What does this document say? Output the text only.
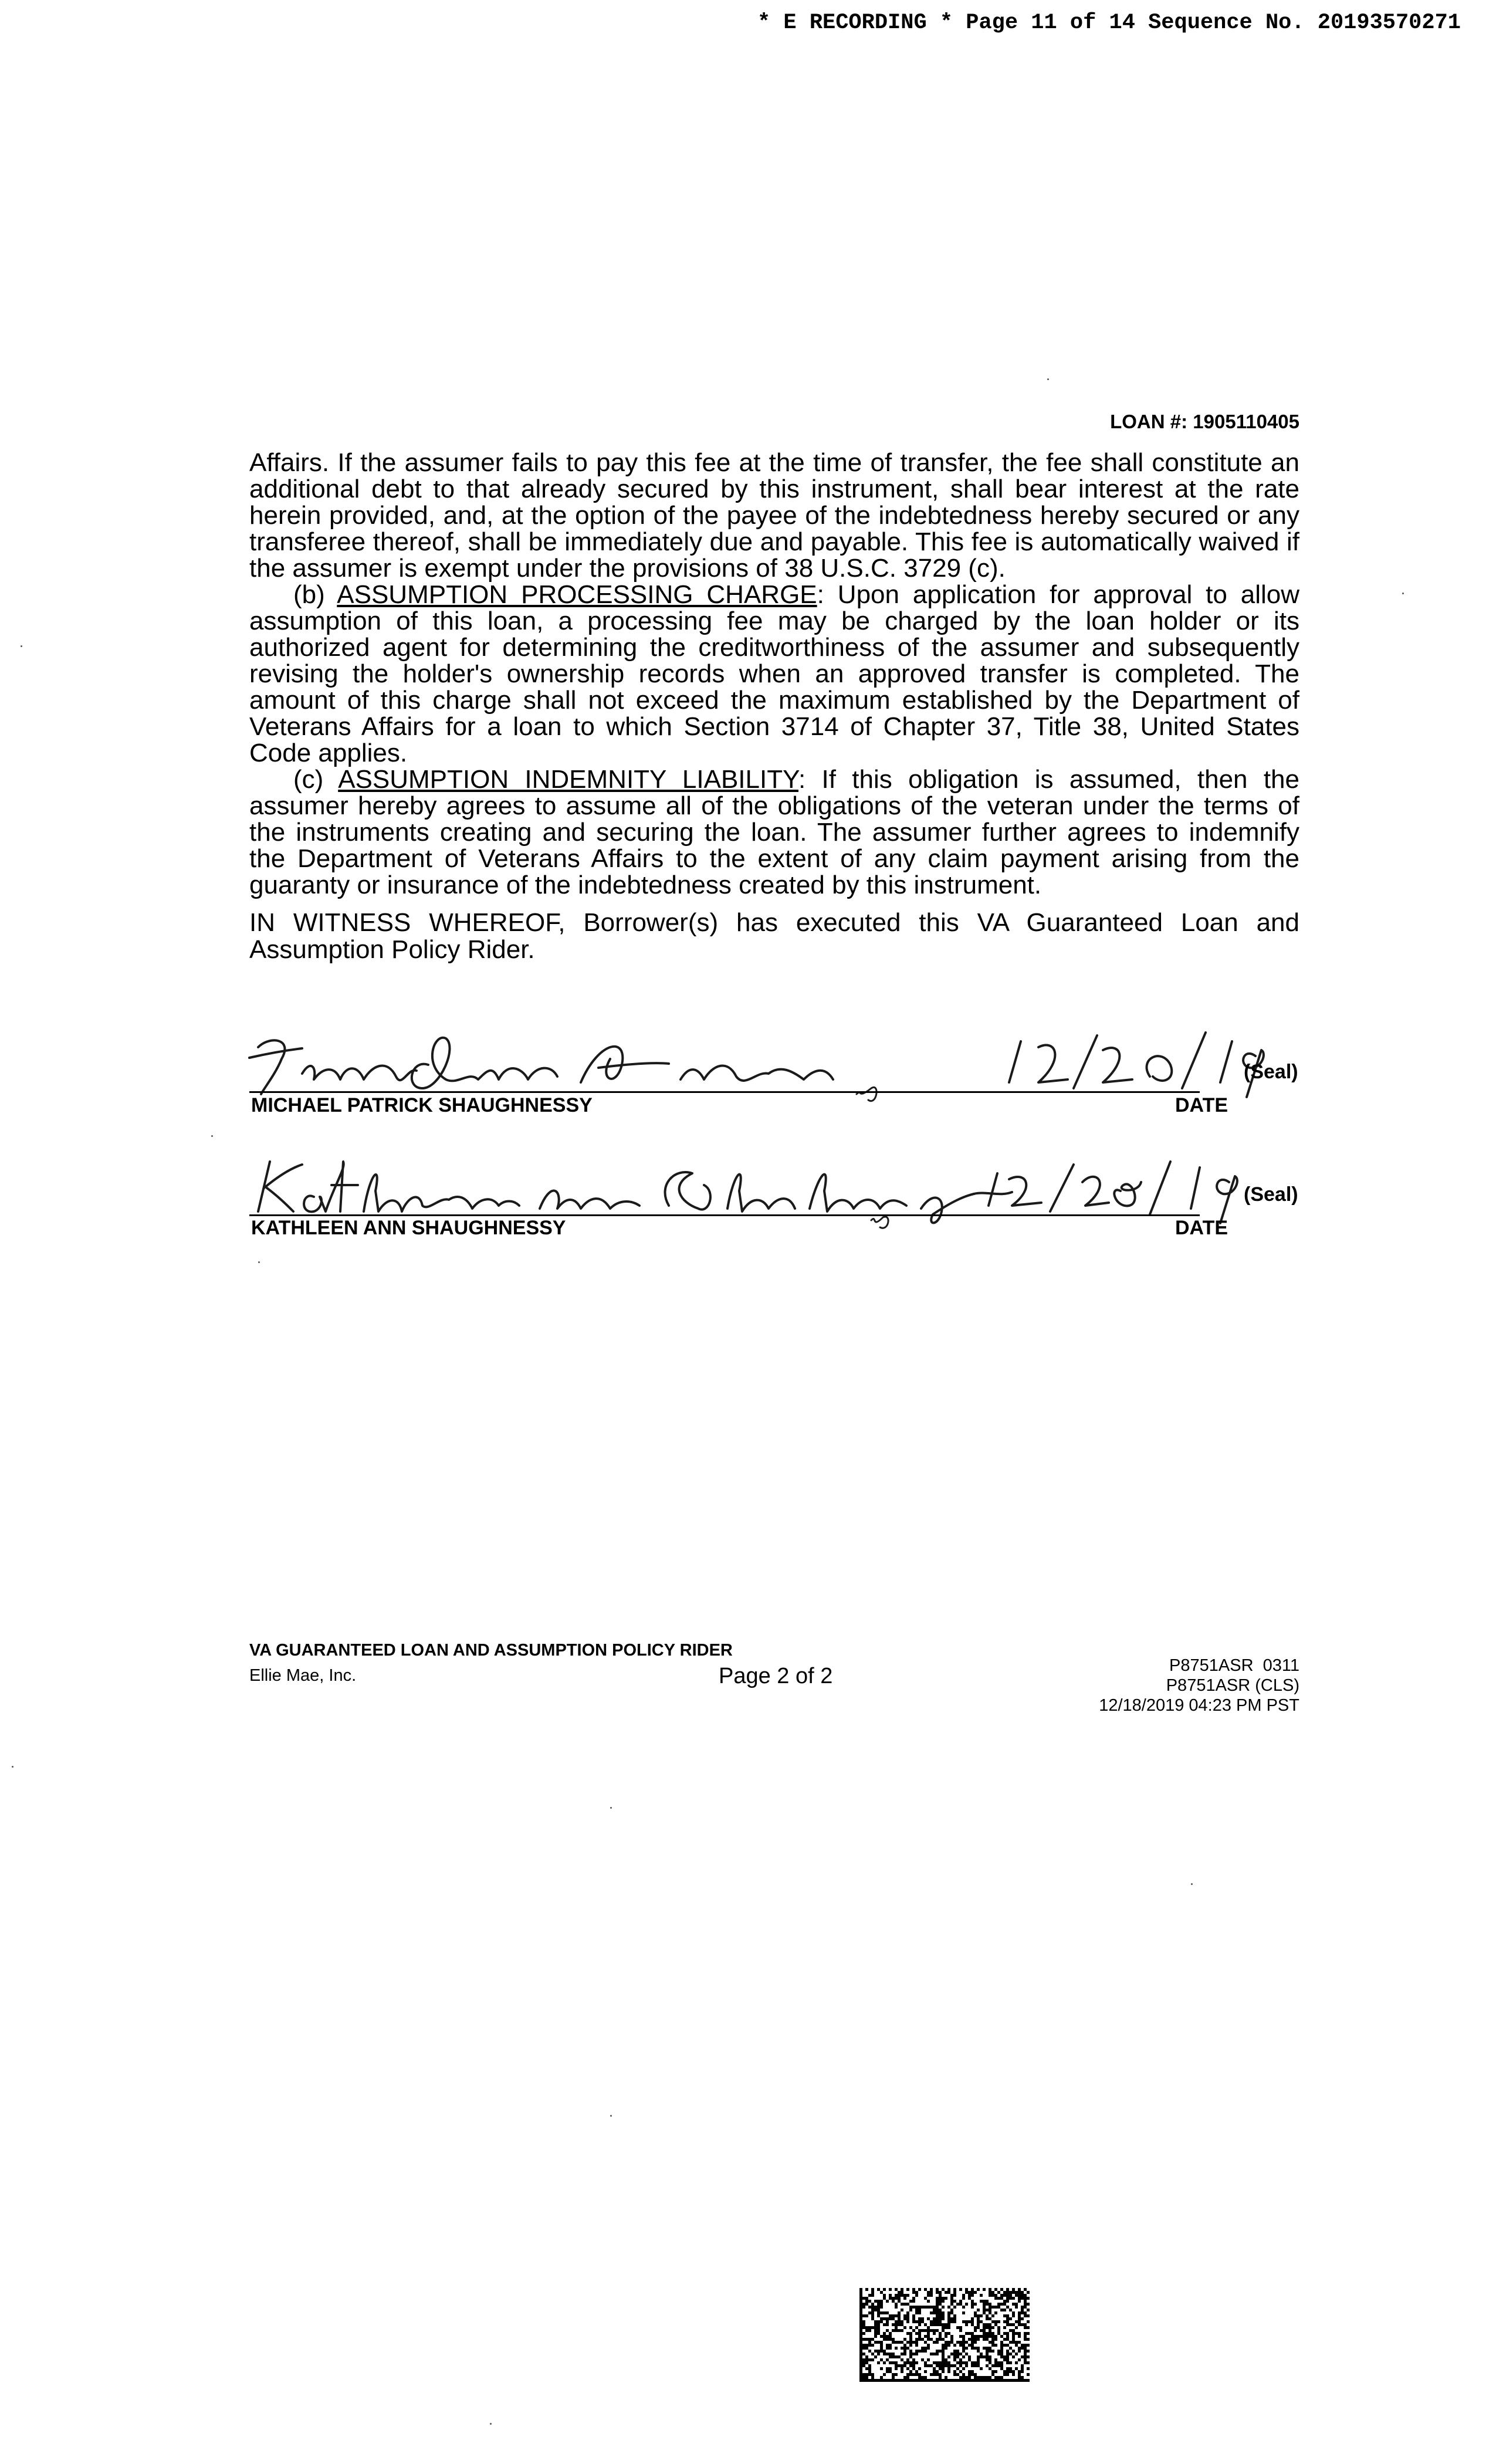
* E RECORDING * Page 11 of 14 Sequence No. 20193570271
LOAN #: 1905110405

Affairs. If the assumer fails to pay this fee at the time of transfer, the fee shall constitute an additional debt to that already secured by this instrument, shall bear interest at the rate herein provided, and, at the option of the payee of the indebtedness hereby secured or any transferee thereof, shall be immediately due and payable. This fee is automatically waived if the assumer is exempt under the provisions of 38 U.S.C. 3729 (c).

(b) ASSUMPTION PROCESSING CHARGE: Upon application for approval to allow assumption of this loan, a processing fee may be charged by the loan holder or its authorized agent for determining the creditworthiness of the assumer and subsequently revising the holder's ownership records when an approved transfer is completed. The amount of this charge shall not exceed the maximum established by the Department of Veterans Affairs for a loan to which Section 3714 of Chapter 37, Title 38, United States Code applies.

(c) ASSUMPTION INDEMNITY LIABILITY: If this obligation is assumed, then the assumer hereby agrees to assume all of the obligations of the veteran under the terms of the instruments creating and securing the loan. The assumer further agrees to indemnify the Department of Veterans Affairs to the extent of any claim payment arising from the guaranty or insurance of the indebtedness created by this instrument.

IN WITNESS WHEREOF, Borrower(s) has executed this VA Guaranteed Loan and Assumption Policy Rider.
MICHAEL PATRICK SHAUGHNESSY	DATE
(Seal)
KATHLEEN ANN SHAUGHNESSY	DATE
(Seal)
VA GUARANTEED LOAN AND ASSUMPTION POLICY RIDER
Ellie Mae, Inc.	Page 2 of 2	P8751ASR  0311
P8751ASR (CLS)
12/18/2019 04:23 PM PST
